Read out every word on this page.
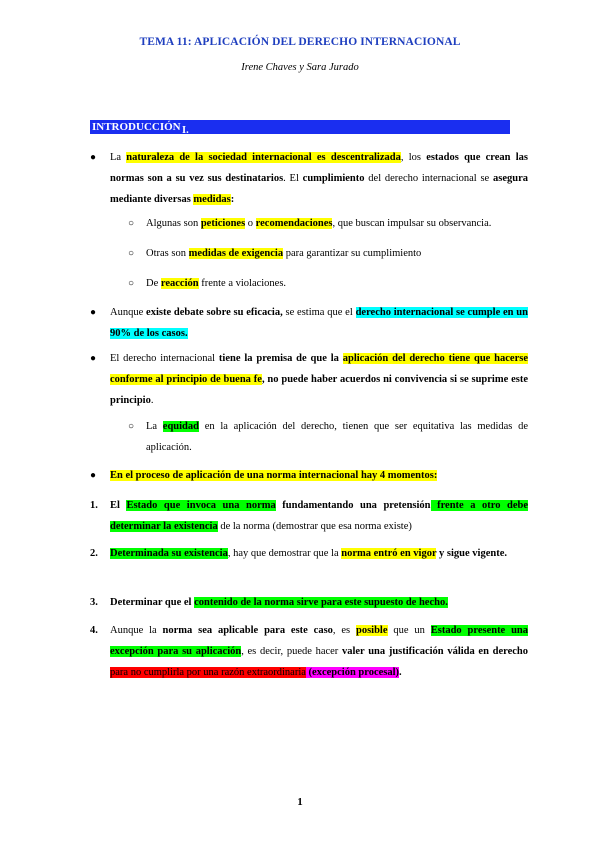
TEMA 11: APLICACIÓN DEL DERECHO INTERNACIONAL
Irene Chaves y Sara Jurado
I.
INTRODUCCIÓN
● La naturaleza de la sociedad internacional es descentralizada, los estados que crean las normas son a su vez sus destinatarios. El cumplimiento del derecho internacional se asegura mediante diversas medidas:
○ Algunas son peticiones o recomendaciones, que buscan impulsar su observancia.
○ Otras son medidas de exigencia para garantizar su cumplimiento
○ De reacción frente a violaciones.
● Aunque existe debate sobre su eficacia, se estima que el derecho internacional se cumple en un 90% de los casos.
● El derecho internacional tiene la premisa de que la aplicación del derecho tiene que hacerse conforme al principio de buena fe, no puede haber acuerdos ni convivencia si se suprime este principio.
○ La equidad en la aplicación del derecho, tienen que ser equitativa las medidas de aplicación.
● En el proceso de aplicación de una norma internacional hay 4 momentos:
1. El Estado que invoca una norma fundamentando una pretensión frente a otro debe determinar la existencia de la norma (demostrar que esa norma existe)
2. Determinada su existencia, hay que demostrar que la norma entró en vigor y sigue vigente.
3. Determinar que el contenido de la norma sirve para este supuesto de hecho.
4. Aunque la norma sea aplicable para este caso, es posible que un Estado presente una excepción para su aplicación, es decir, puede hacer valer una justificación válida en derecho para no cumplirla por una razón extraordinaria (excepción procesal).
1
